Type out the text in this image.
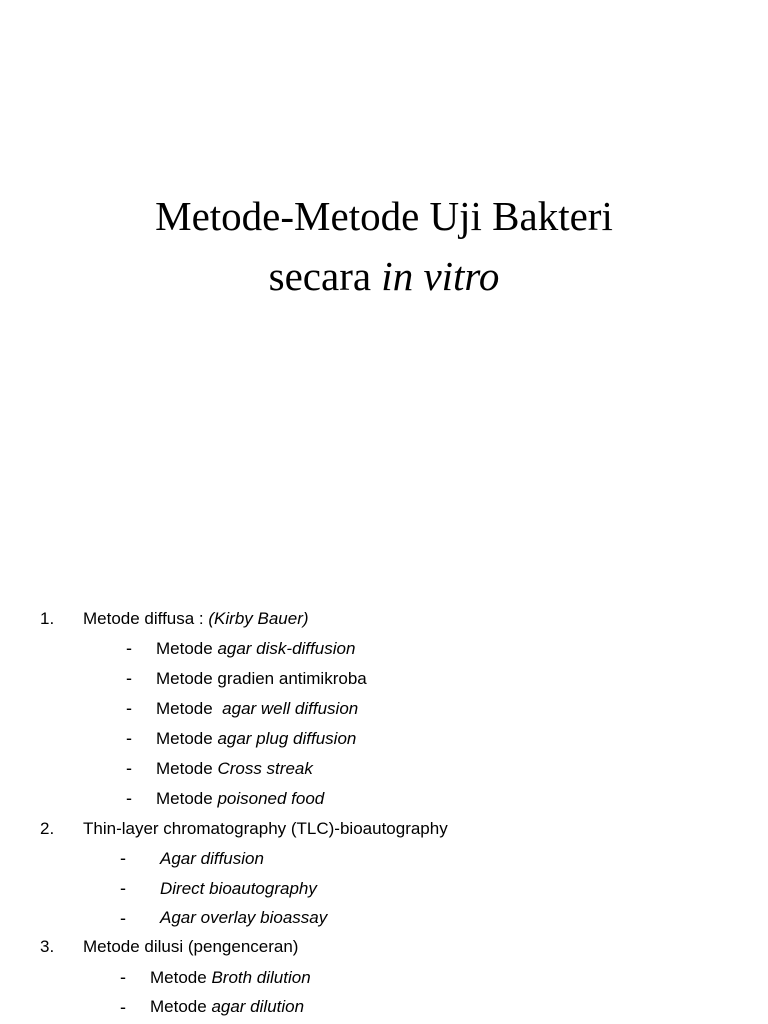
Metode-Metode Uji Bakteri
secara in vitro
1. Metode diffusa : (Kirby Bauer)
- Metode agar disk-diffusion
- Metode gradien antimikroba
- Metode  agar well diffusion
- Metode agar plug diffusion
- Metode Cross streak
- Metode poisoned food
2. Thin-layer chromatography (TLC)-bioautography
- Agar diffusion
- Direct bioautography
- Agar overlay bioassay
3. Metode dilusi (pengenceran)
- Metode Broth dilution
- Metode agar dilution
